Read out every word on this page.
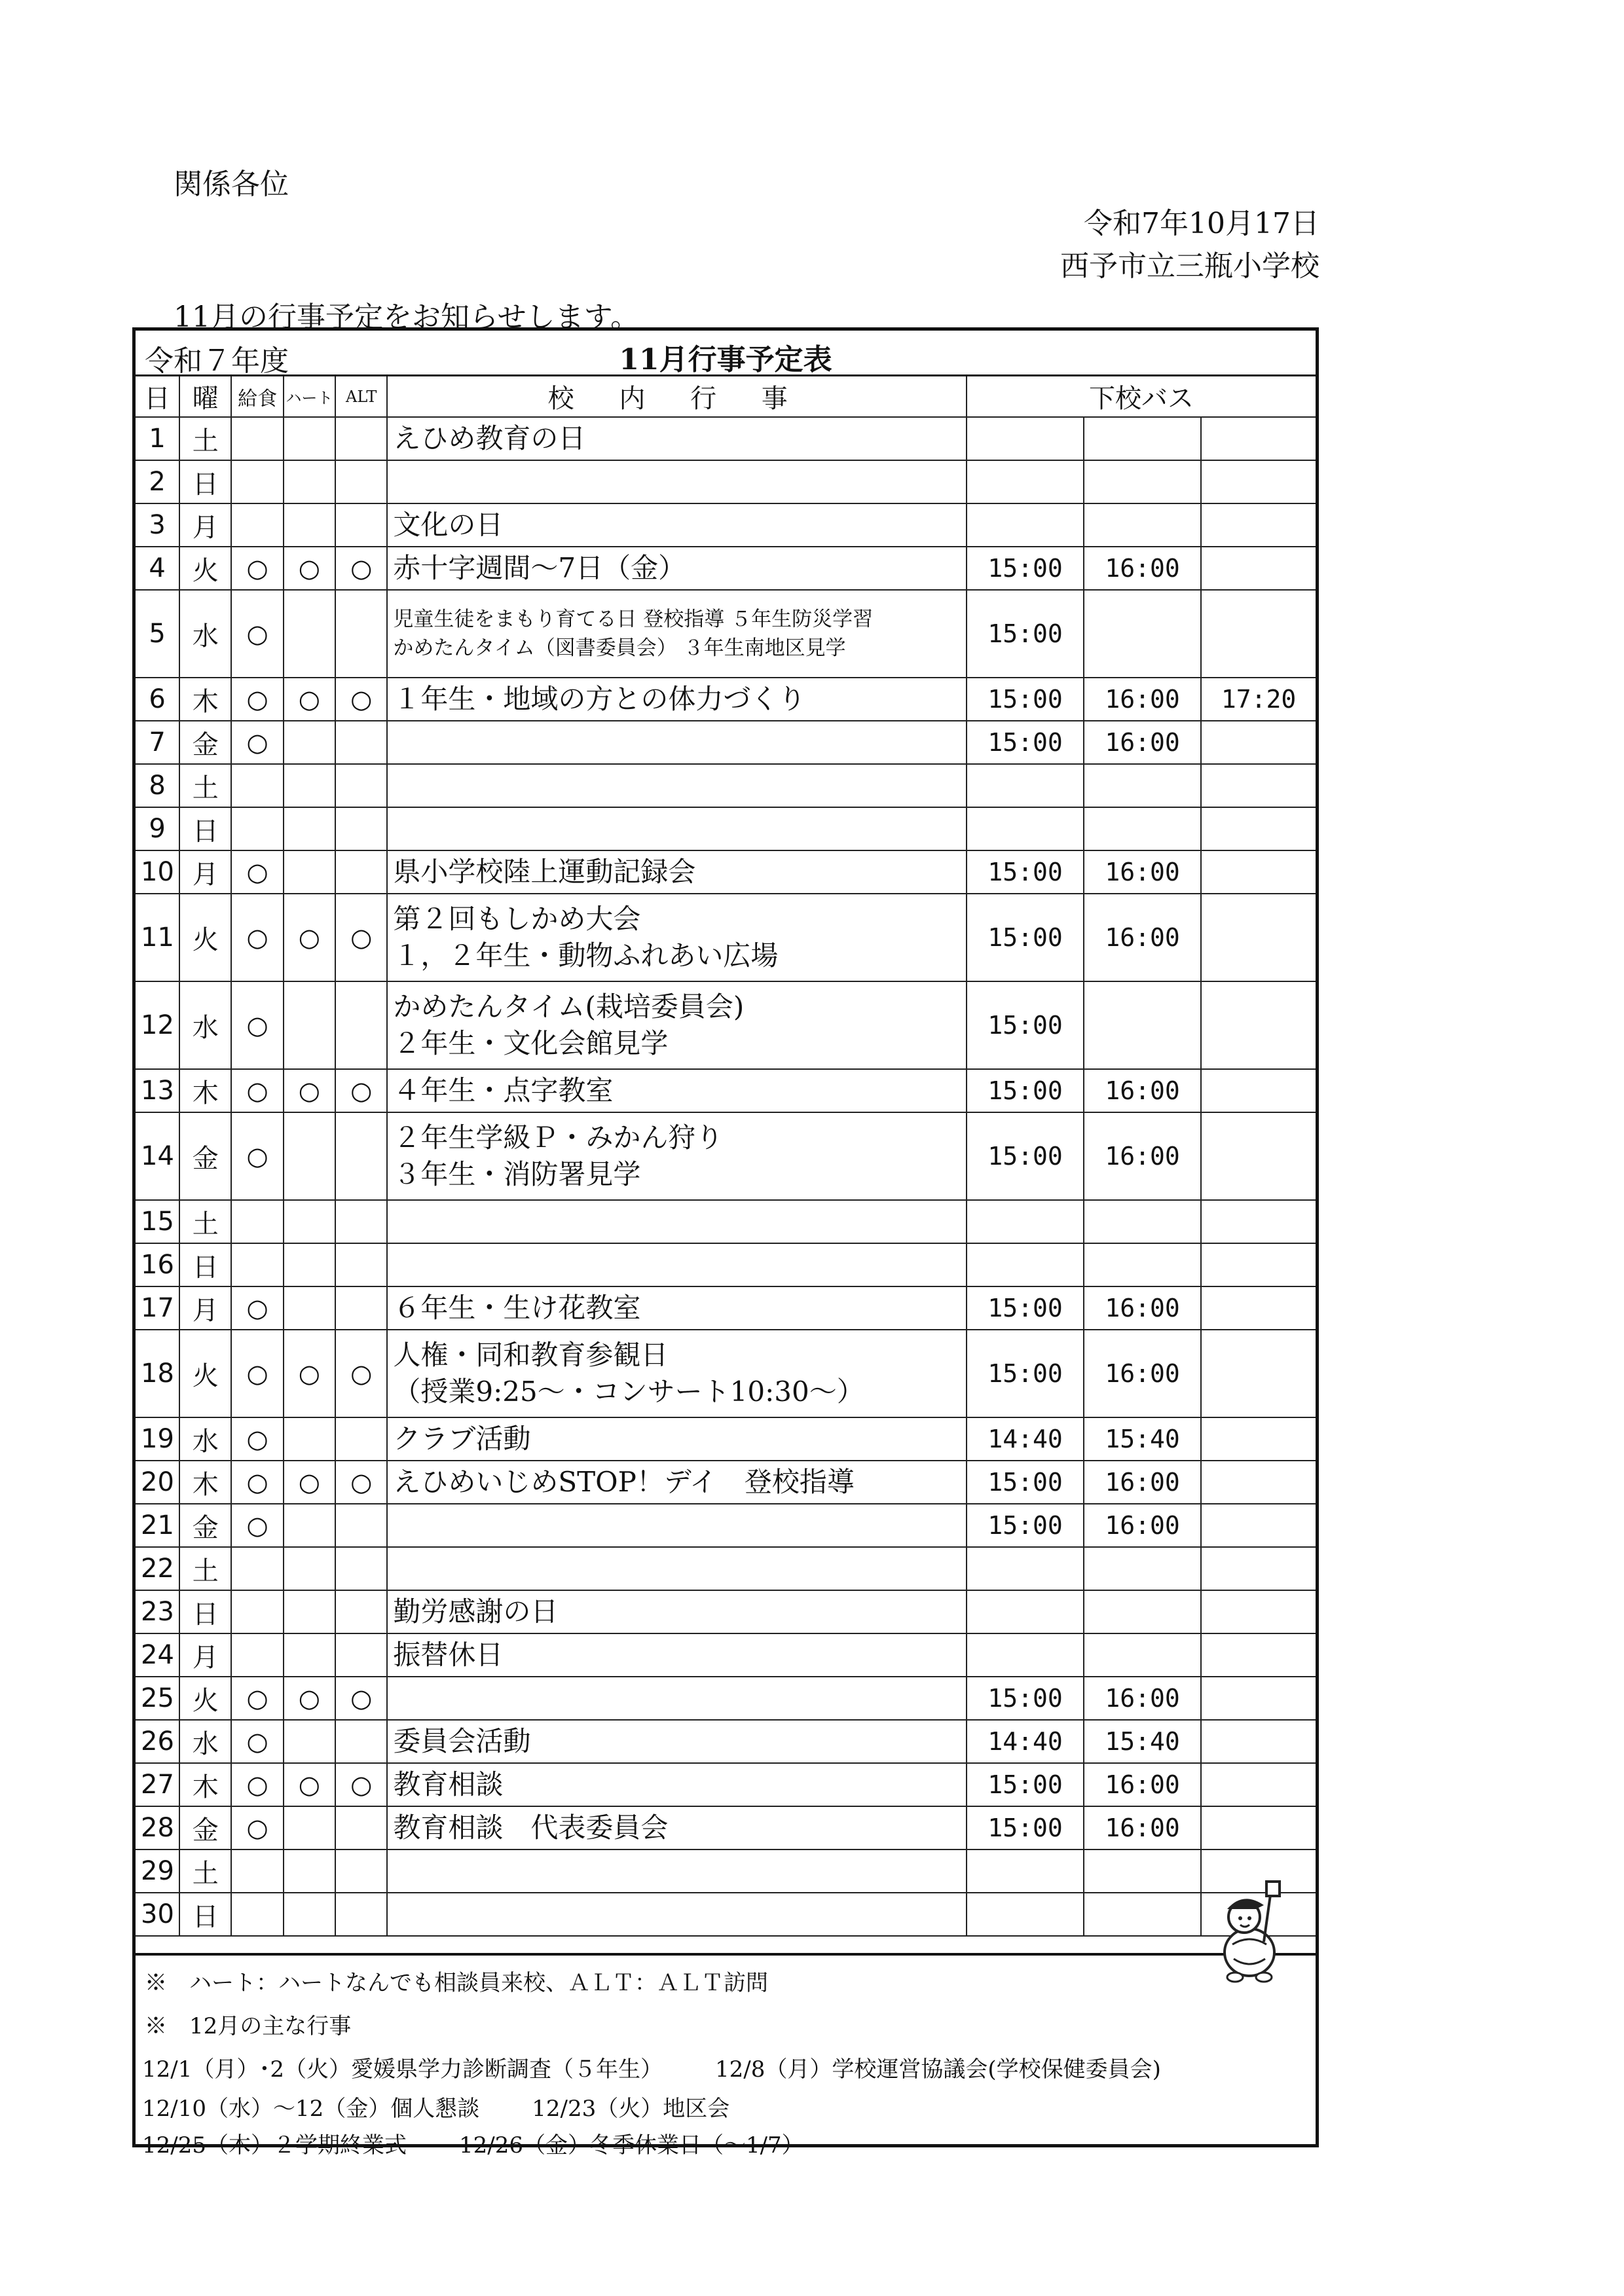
関係各位
令和7年10月17日
西予市立三瓶小学校
11月の行事予定をお知らせします。
令和７年度	11月行事予定表
日	曜	給食	ハート	ALT	校 内 行 事	下校バス		
1	土				えひめ教育の日			

2	日				

3	月				文化の日			

4	火	○	○	○	赤十字週間～7日（金）	15:00	16:00	
5	水	○			児童生徒をまもり育てる日 登校指導 ５年生防災学習
かめたんタイム（図書委員会） ３年生南地区見学	15:00		
6	木	○	○	○	１年生・地域の方との体力づくり	15:00	16:00	17:20
7	金	○				15:00	16:00	
8	土				

9	日				

10	月	○			県小学校陸上運動記録会	15:00	16:00	
11	火	○	○	○	第２回もしかめ大会
１，２年生・動物ふれあい広場	15:00	16:00	
12	水	○			かめたんタイム(栽培委員会)
２年生・文化会館見学	15:00		
13	木	○	○	○	４年生・点字教室	15:00	16:00	
14	金	○			２年生学級Ｐ・みかん狩り
３年生・消防署見学	15:00	16:00	
15	土				

16	日				

17	月	○			６年生・生け花教室	15:00	16:00	
18	火	○	○	○	人権・同和教育参観日
（授業9:25～・コンサート10:30～）	15:00	16:00	
19	水	○			クラブ活動	14:40	15:40	
20	木	○	○	○	えひめいじめSTOP！デイ　登校指導	15:00	16:00	
21	金	○				15:00	16:00	
22	土				

23	日				勤労感謝の日			

24	月				振替休日			

25	火	○	○	○		15:00	16:00	
26	水	○			委員会活動	14:40	15:40	
27	木	○	○	○	教育相談	15:00	16:00	
28	金	○			教育相談　代表委員会	15:00	16:00	
29	土				

30	日				

※　ハート：ハートなんでも相談員来校、ＡＬＴ：ＡＬＴ訪問
※　12月の主な行事
12/1（月）･2（火）愛媛県学力診断調査（５年生） 12/8（月）学校運営協議会(学校保健委員会)
12/10（水）～12（金）個人懇談 12/23（火）地区会
12/25（木）２学期終業式 12/26（金）冬季休業日（～1/7）
